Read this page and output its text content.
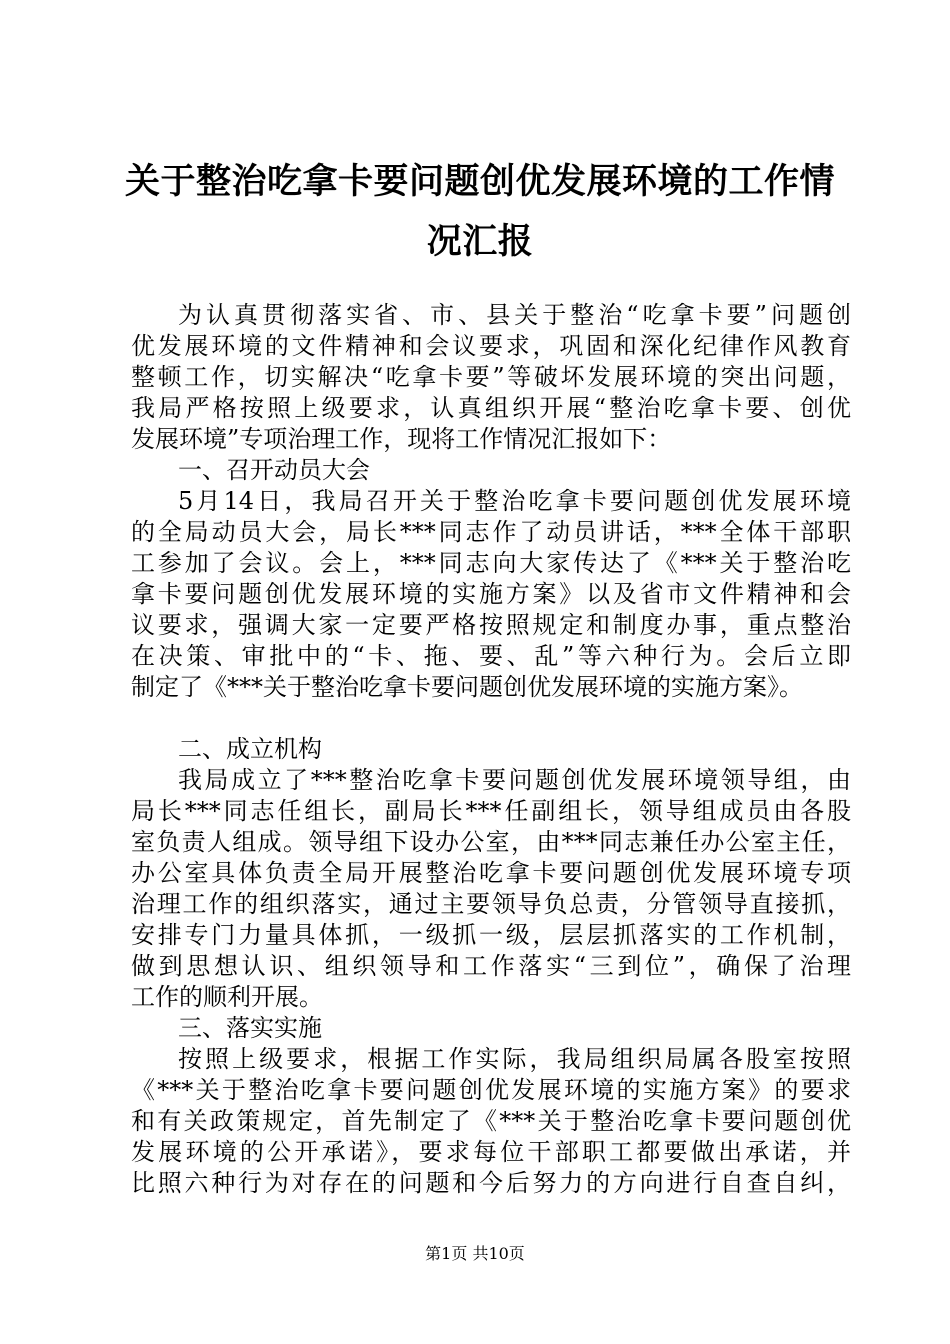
关于整治吃拿卡要问题创优发展环境的工作情
况汇报
为认真贯彻落实省、市、县关于整治“吃拿卡要”问题创
优发展环境的文件精神和会议要求，巩固和深化纪律作风教育
整顿工作，切实解决“吃拿卡要”等破坏发展环境的突出问题，
我局严格按照上级要求，认真组织开展“整治吃拿卡要、创优
发展环境”专项治理工作，现将工作情况汇报如下：
一、召开动员大会
5月14日，我局召开关于整治吃拿卡要问题创优发展环境
的全局动员大会，局长***同志作了动员讲话，***全体干部职
工参加了会议。会上，***同志向大家传达了《***关于整治吃
拿卡要问题创优发展环境的实施方案》以及省市文件精神和会
议要求，强调大家一定要严格按照规定和制度办事，重点整治
在决策、审批中的“卡、拖、要、乱”等六种行为。会后立即
制定了《***关于整治吃拿卡要问题创优发展环境的实施方案》。
二、成立机构
我局成立了***整治吃拿卡要问题创优发展环境领导组，由
局长***同志任组长，副局长***任副组长，领导组成员由各股
室负责人组成。领导组下设办公室，由***同志兼任办公室主任，
办公室具体负责全局开展整治吃拿卡要问题创优发展环境专项
治理工作的组织落实，通过主要领导负总责，分管领导直接抓，
安排专门力量具体抓，一级抓一级，层层抓落实的工作机制，
做到思想认识、组织领导和工作落实“三到位”，确保了治理
工作的顺利开展。
三、落实实施
按照上级要求，根据工作实际，我局组织局属各股室按照
《***关于整治吃拿卡要问题创优发展环境的实施方案》的要求
和有关政策规定，首先制定了《***关于整治吃拿卡要问题创优
发展环境的公开承诺》，要求每位干部职工都要做出承诺，并
比照六种行为对存在的问题和今后努力的方向进行自查自纠，
第1页 共10页
